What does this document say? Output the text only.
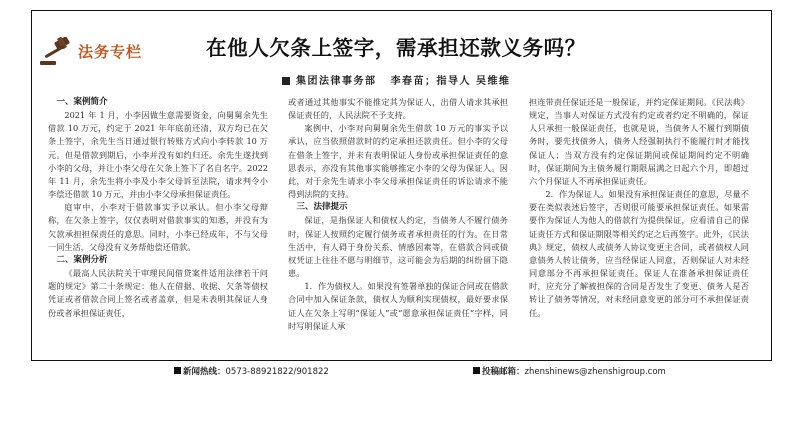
法务专栏	在他人欠条上签字，需承担还款义务吗？
集团法律事务部 李春苗；指导人 吴维维
一、案例简介

2021 年 1 月，小李因做生意需要资金，向舅舅余先生借款 10 万元，约定于 2021 年年底前还清，双方均已在欠条上签字，余先生当日通过银行转账方式向小李转款 10 万元。但是借款到期后，小李并没有如约归还。余先生遂找到小李的父母，并让小李父母在欠条上签下了名自名字。2022 年 11 月，余先生将小李及小李父母诉至法院，请求判令小李偿还借款 10 万元，并由小李父母承担保证责任。

庭审中，小李对于借款事实予以承认。但小李父母辩称，在欠条上签字，仅仅表明对借款事实的知悉，并没有为欠款承担担保责任的意思。同时，小李已经成年，不与父母一同生活，父母没有义务帮他偿还借款。

二、案例分析

《最高人民法院关于审理民间借贷案件适用法律若干问题的规定》第二十条规定：他人在借据、收据、欠条等债权凭证或者借款合同上签名或者盖章，但是未表明其保证人身份或者承担保证责任，

或者通过其他事实不能推定其为保证人，出借人请求其承担保证责任的，人民法院不予支持。

案例中，小李对向舅舅余先生借款 10 万元的事实予以承认，应当依照借款时的约定承担还款责任。但小李的父母在借条上签字，并未有表明保证人身份或承担保证责任的意思表示，亦没有其他事实能够推定小李的父母为保证人。因此，对于余先生请求小李父母承担保证责任的诉讼请求不能得到法院的支持。

三、法律提示

保证，是指保证人和债权人约定，当债务人不履行债务时，保证人按照约定履行债务或者承担责任的行为。在日常生活中，有人碍于身份关系、情感因素等，在借款合同或债权凭证上往往不愿与明细节，这可能会为后期的纠纷留下隐患。

1．作为债权人。如果没有签署单独的保证合同或在借款合同中加入保证条款，债权人为顺利实现债权，最好要求保证人在欠条上写明“保证人”或“愿意承担保证责任”字样，同时写明保证人承

担连带责任保证还是一般保证，并约定保证期间。《民法典》规定，当事人对保证方式没有约定或者约定不明确的，保证人只承担一般保证责任，也就是说，当债务人不履行到期债务时，要先找债务人，债务人经强制执行不能履行时才能找保证人；当双方没有约定保证期间或保证期间约定不明确时，保证期间为主债务履行期限届满之日起六个月，即超过六个月保证人不再承担保证责任。

2．作为保证人。如果没有承担保证责任的意思，尽量不要在类似表述后签字，否则很可能要承担保证责任。如果需要作为保证人为他人的借款行为提供保证，应看清自己的保证责任方式和保证期限等相关约定之后再签字。此外，《民法典》规定，债权人或债务人协议变更主合同，或者债权人同意债务人转让债务，应当经保证人同意，否则保证人对未经同意部分不再承担保证责任。保证人在准备承担保证责任时，应充分了解被担保的合同是否发生了变更、债务人是否转让了债务等情况，对未经同意变更的部分可不承担保证责任。

新闻热线：0573-88921822/901822	投稿邮箱：zhenshinews@zhenshigroup.com
